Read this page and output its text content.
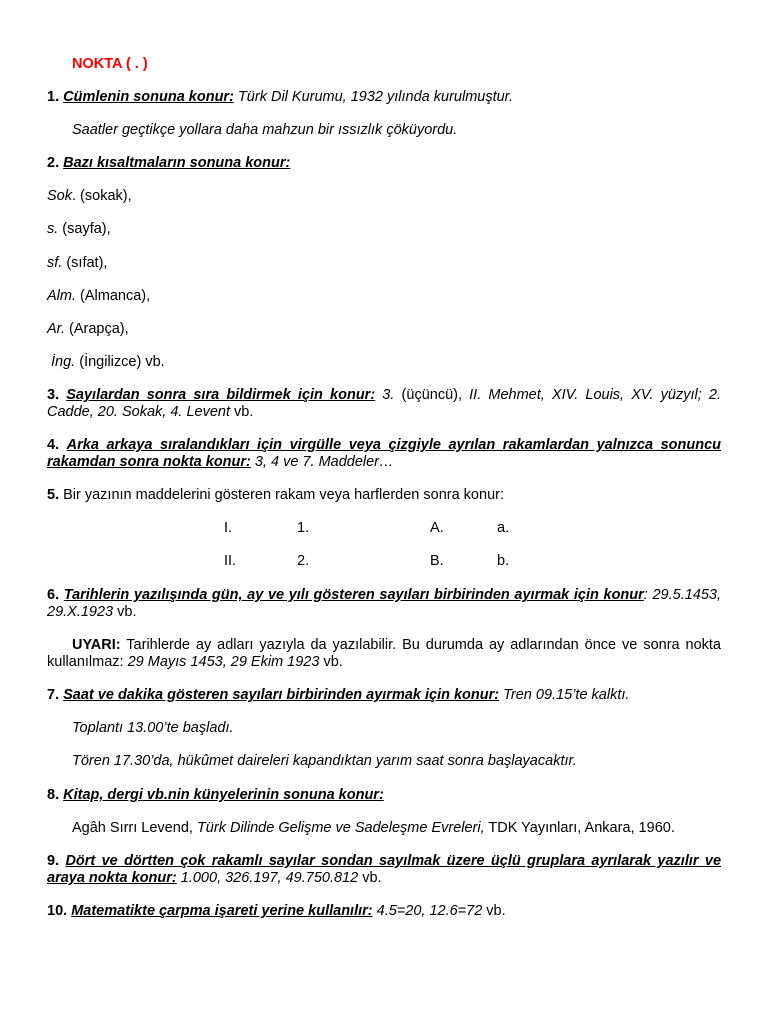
NOKTA ( . )
1. Cümlenin sonuna konur: Türk Dil Kurumu, 1932 yılında kurulmuştur.
Saatler geçtikçe yollara daha mahzun bir ıssızlık çöküyordu.
2. Bazı kısaltmaların sonuna konur:
Sok. (sokak),
s. (sayfa),
sf. (sıfat),
Alm. (Almanca),
Ar. (Arapça),
İng. (İngilizce) vb.
3. Sayılardan sonra sıra bildirmek için konur: 3. (üçüncü), II. Mehmet, XIV. Louis, XV. yüzyıl; 2. Cadde, 20. Sokak, 4. Levent vb.
4. Arka arkaya sıralandıkları için virgülle veya çizgiyle ayrılan rakamlardan yalnızca sonuncu rakamdan sonra nokta konur: 3, 4 ve 7. Maddeler…
5. Bir yazının maddelerini gösteren rakam veya harflerden sonra konur:
I.	1.	A.	a.
II.	2.	B.	b.
6. Tarihlerin yazılışında gün, ay ve yılı gösteren sayıları birbirinden ayırmak için konur: 29.5.1453, 29.X.1923 vb.
UYARI: Tarihlerde ay adları yazıyla da yazılabilir. Bu durumda ay adlarından önce ve sonra nokta kullanılmaz: 29 Mayıs 1453, 29 Ekim 1923 vb.
7. Saat ve dakika gösteren sayıları birbirinden ayırmak için konur: Tren 09.15’te kalktı.
Toplantı 13.00’te başladı.
Tören 17.30’da, hükûmet daireleri kapandıktan yarım saat sonra başlayacaktır.
8. Kitap, dergi vb.nin künyelerinin sonuna konur:
Agâh Sırrı Levend, Türk Dilinde Gelişme ve Sadeleşme Evreleri, TDK Yayınları, Ankara, 1960.
9. Dört ve dörtten çok rakamlı sayılar sondan sayılmak üzere üçlü gruplara ayrılarak yazılır ve araya nokta konur: 1.000, 326.197, 49.750.812 vb.
10. Matematikte çarpma işareti yerine kullanılır: 4.5=20, 12.6=72 vb.
